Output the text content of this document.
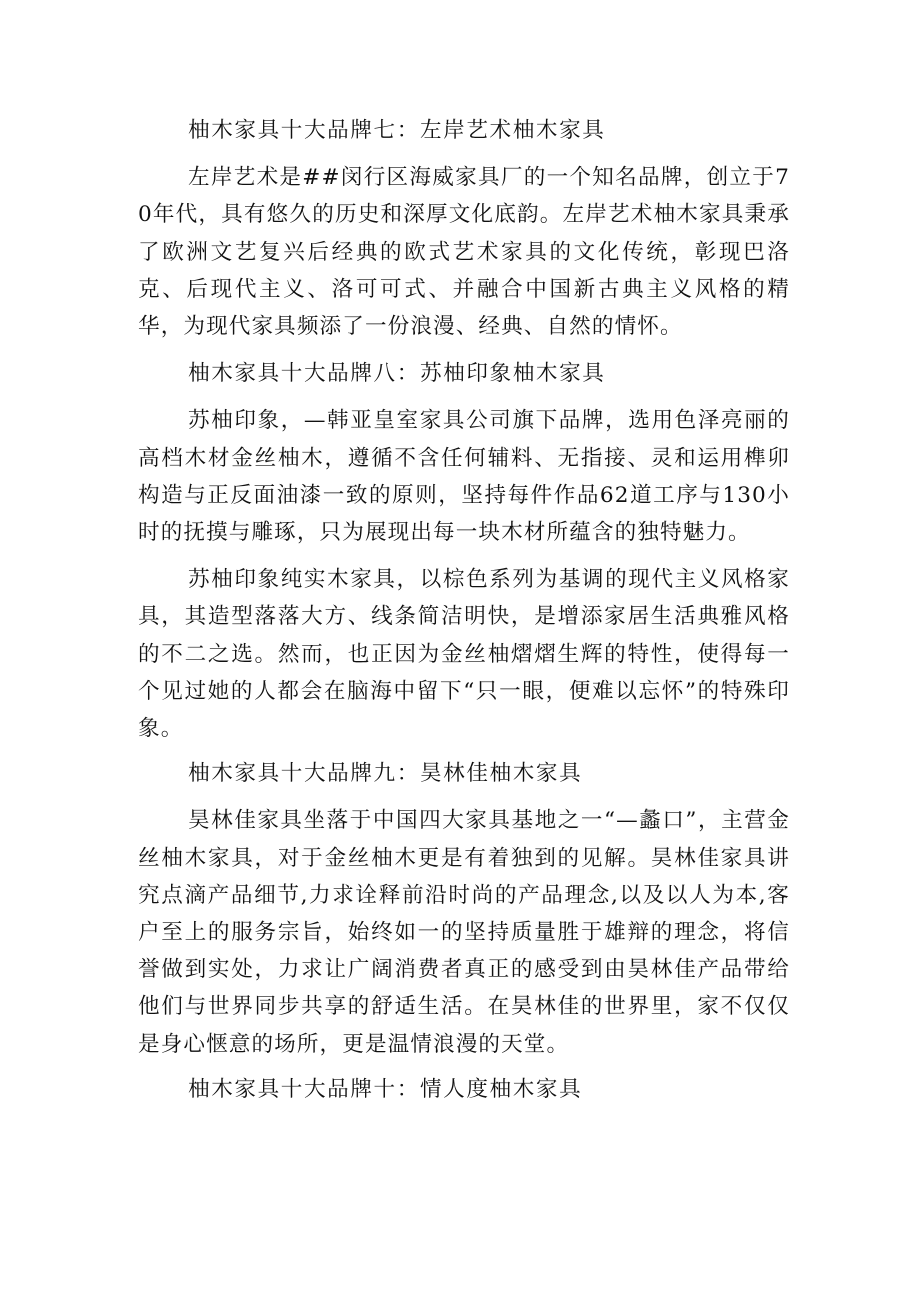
柚木家具十大品牌七：左岸艺术柚木家具

左岸艺术是##闵行区海威家具厂的一个知名品牌，创立于70年代，具有悠久的历史和深厚文化底韵。左岸艺术柚木家具秉承了欧洲文艺复兴后经典的欧式艺术家具的文化传统，彰现巴洛克、后现代主义、洛可可式、并融合中国新古典主义风格的精华，为现代家具频添了一份浪漫、经典、自然的情怀。

柚木家具十大品牌八：苏柚印象柚木家具

苏柚印象，—韩亚皇室家具公司旗下品牌，选用色泽亮丽的高档木材金丝柚木，遵循不含任何辅料、无指接、灵和运用榫卯构造与正反面油漆一致的原则，坚持每件作品62道工序与130小时的抚摸与雕琢，只为展现出每一块木材所蕴含的独特魅力。

苏柚印象纯实木家具，以棕色系列为基调的现代主义风格家具，其造型落落大方、线条简洁明快，是增添家居生活典雅风格的不二之选。然而，也正因为金丝柚熠熠生辉的特性，使得每一个见过她的人都会在脑海中留下“只一眼，便难以忘怀”的特殊印象。

柚木家具十大品牌九：昊林佳柚木家具

昊林佳家具坐落于中国四大家具基地之一“—蠡口”，主营金丝柚木家具，对于金丝柚木更是有着独到的见解。昊林佳家具讲究点滴产品细节,力求诠释前沿时尚的产品理念,以及以人为本,客户至上的服务宗旨，始终如一的坚持质量胜于雄辩的理念，将信誉做到实处，力求让广阔消费者真正的感受到由昊林佳产品带给他们与世界同步共享的舒适生活。在昊林佳的世界里，家不仅仅是身心惬意的场所，更是温情浪漫的天堂。

柚木家具十大品牌十：情人度柚木家具
